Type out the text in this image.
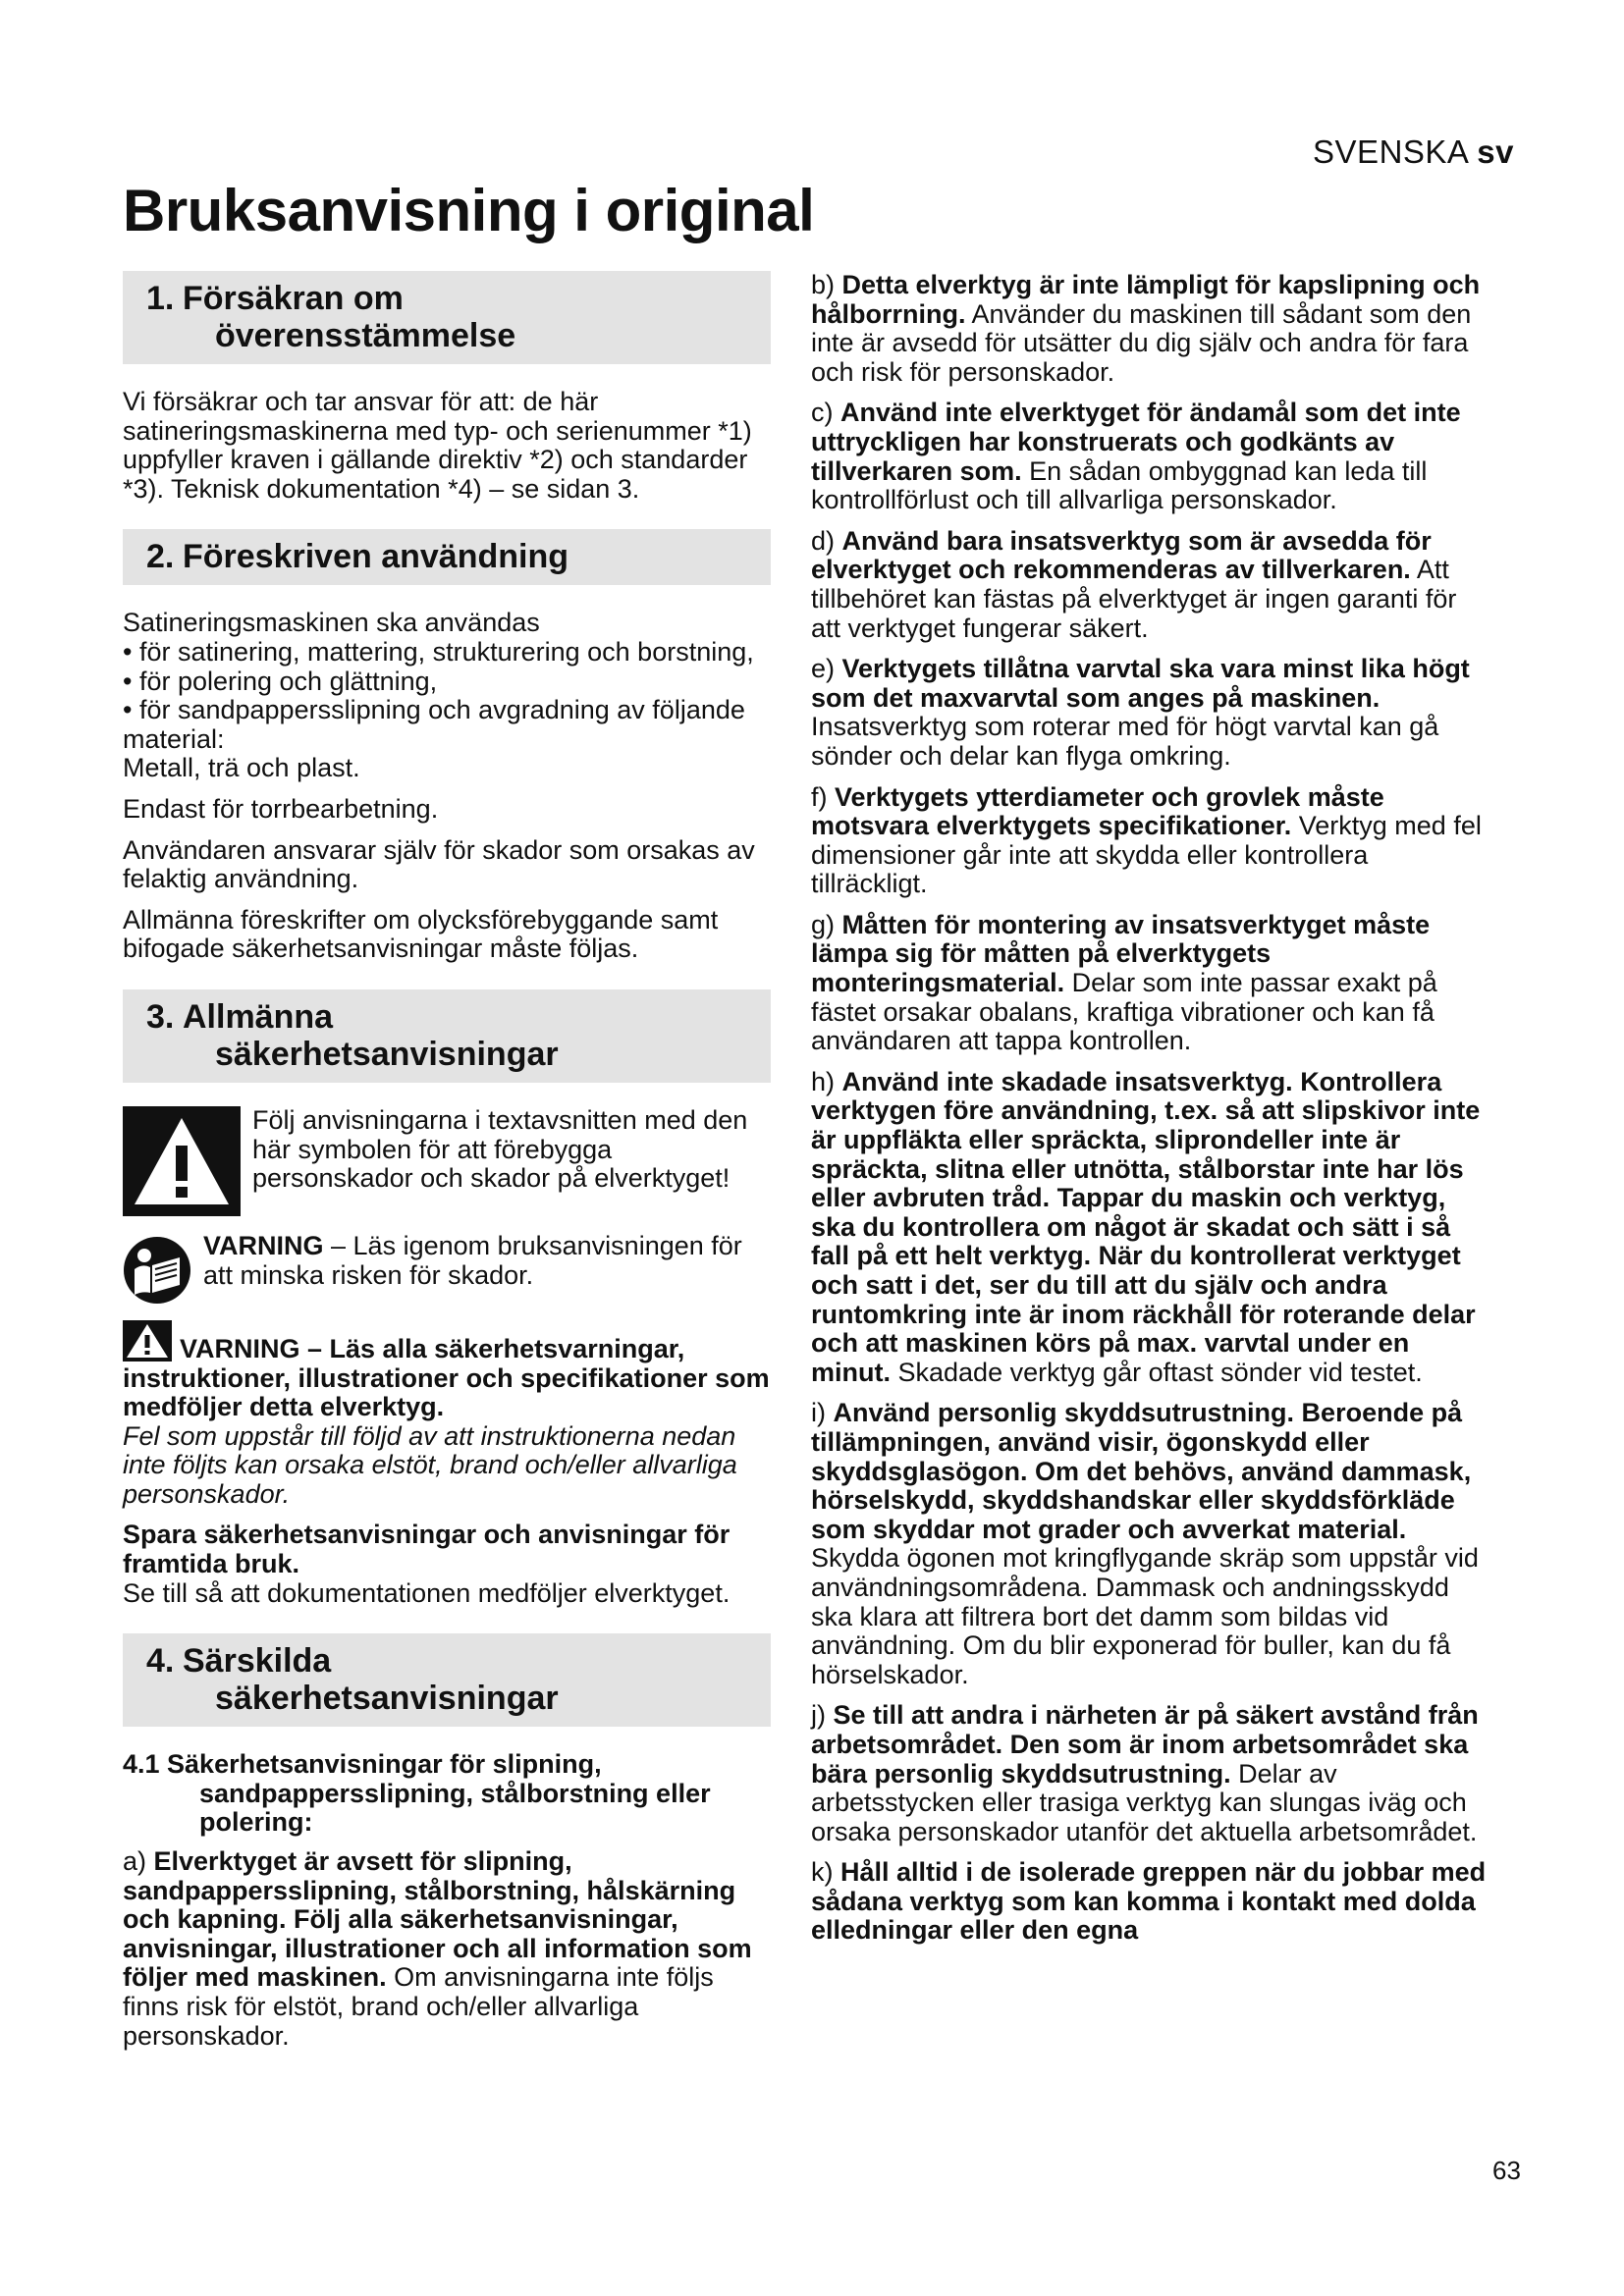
SVENSKA sv
Bruksanvisning i original
1. Försäkran om
överensstämmelse

Vi försäkrar och tar ansvar för att: de här satineringsmaskinerna med typ- och serienummer *1) uppfyller kraven i gällande direktiv *2) och standarder *3). Teknisk dokumentation *4) – se sidan 3.

2. Föreskriven användning

Satineringsmaskinen ska användas
• för satinering, mattering, strukturering och borstning,
• för polering och glättning,
• för sandpappersslipning och avgradning av följande material:
Metall, trä och plast.

Endast för torrbearbetning.

Användaren ansvarar själv för skador som orsakas av felaktig användning.

Allmänna föreskrifter om olycksförebyggande samt bifogade säkerhetsanvisningar måste följas.

3. Allmänna
säkerhetsanvisningar

Följ anvisningarna i textavsnitten med den här symbolen för att förebygga personskador och skador på elverktyget!

VARNING – Läs igenom bruksanvisningen för att minska risken för skador.

VARNING – Läs alla säkerhetsvarningar, instruktioner, illustrationer och specifikationer som medföljer detta elverktyg.
Fel som uppstår till följd av att instruktionerna nedan inte följts kan orsaka elstöt, brand och/eller allvarliga personskador.

Spara säkerhetsanvisningar och anvisningar för framtida bruk.
Se till så att dokumentationen medföljer elverktyget.

4. Särskilda
säkerhetsanvisningar
4.1 Säkerhetsanvisningar för slipning,
sandpappersslipning, stålborstning eller polering:

a) Elverktyget är avsett för slipning, sandpappersslipning, stålborstning, hålskärning och kapning. Följ alla säkerhetsanvisningar, anvisningar, illustrationer och all information som följer med maskinen. Om anvisningarna inte följs finns risk för elstöt, brand och/eller allvarliga personskador.

b) Detta elverktyg är inte lämpligt för kapslipning och hålborrning. Använder du maskinen till sådant som den inte är avsedd för utsätter du dig själv och andra för fara och risk för personskador.

c) Använd inte elverktyget för ändamål som det inte uttryckligen har konstruerats och godkänts av tillverkaren som. En sådan ombyggnad kan leda till kontrollförlust och till allvarliga personskador.

d) Använd bara insatsverktyg som är avsedda för elverktyget och rekommenderas av tillverkaren. Att tillbehöret kan fästas på elverktyget är ingen garanti för att verktyget fungerar säkert.

e) Verktygets tillåtna varvtal ska vara minst lika högt som det maxvarvtal som anges på maskinen. Insatsverktyg som roterar med för högt varvtal kan gå sönder och delar kan flyga omkring.

f) Verktygets ytterdiameter och grovlek måste motsvara elverktygets specifikationer. Verktyg med fel dimensioner går inte att skydda eller kontrollera tillräckligt.

g) Måtten för montering av insatsverktyget måste lämpa sig för måtten på elverktygets monteringsmaterial. Delar som inte passar exakt på fästet orsakar obalans, kraftiga vibrationer och kan få användaren att tappa kontrollen.

h) Använd inte skadade insatsverktyg. Kontrollera verktygen före användning, t.ex. så att slipskivor inte är uppfläkta eller spräckta, sliprondeller inte är spräckta, slitna eller utnötta, stålborstar inte har lös eller avbruten tråd. Tappar du maskin och verktyg, ska du kontrollera om något är skadat och sätt i så fall på ett helt verktyg. När du kontrollerat verktyget och satt i det, ser du till att du själv och andra runtomkring inte är inom räckhåll för roterande delar och att maskinen körs på max. varvtal under en minut. Skadade verktyg går oftast sönder vid testet.

i) Använd personlig skyddsutrustning. Beroende på tillämpningen, använd visir, ögonskydd eller skyddsglasögon. Om det behövs, använd dammask, hörselskydd, skyddshandskar eller skyddsförkläde som skyddar mot grader och avverkat material. Skydda ögonen mot kringflygande skräp som uppstår vid användningsområdena. Dammask och andningsskydd ska klara att filtrera bort det damm som bildas vid användning. Om du blir exponerad för buller, kan du få hörselskador.

j) Se till att andra i närheten är på säkert avstånd från arbetsområdet. Den som är inom arbetsområdet ska bära personlig skyddsutrustning. Delar av arbetsstycken eller trasiga verktyg kan slungas iväg och orsaka personskador utanför det aktuella arbetsområdet.

k) Håll alltid i de isolerade greppen när du jobbar med sådana verktyg som kan komma i kontakt med dolda elledningar eller den egna

63
